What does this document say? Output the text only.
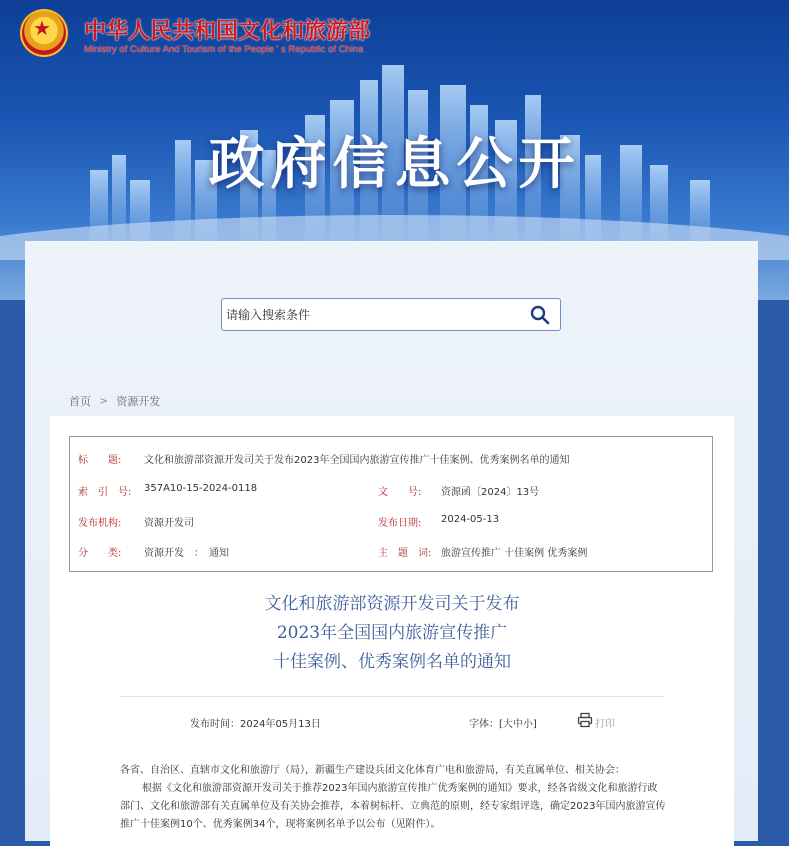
★ 中华人民共和国文化和旅游部
Ministry of Culture And Tourism of the People ' s Republic of China
政府信息公开
请输入搜索条件
首页 > 资源开发
标　　题: 文化和旅游部资源开发司关于发布2023年全国国内旅游宣传推广十佳案例、优秀案例名单的通知
索　引　号: 357A10-15-2024-0118	文　　号: 资源函〔2024〕13号
发布机构: 资源开发司	发布日期: 2024-05-13
分　　类: 资源开发　：　通知	主　题　词: 旅游宣传推广 十佳案例 优秀案例
文化和旅游部资源开发司关于发布
2023年全国国内旅游宣传推广
十佳案例、优秀案例名单的通知
发布时间：2024年05月13日	字体：[大中小]	打印

各省、自治区、直辖市文化和旅游厅（局），新疆生产建设兵团文化体育广电和旅游局，有关直属单位、相关协会：

根据《文化和旅游部资源开发司关于推荐2023年国内旅游宣传推广优秀案例的通知》要求，经各省级文化和旅游行政部门、文化和旅游部有关直属单位及有关协会推荐，本着树标杆、立典范的原则，经专家组评选，确定2023年国内旅游宣传推广十佳案例10个、优秀案例34个，现将案例名单予以公布（见附件）。
